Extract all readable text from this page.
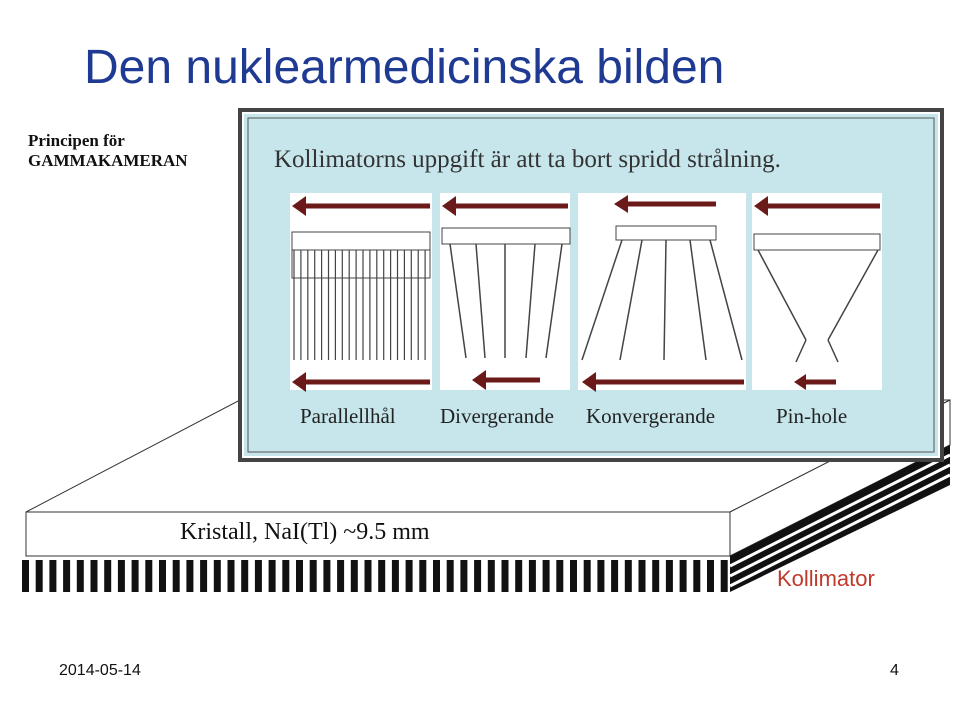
Den nuklearmedicinska bilden
Principen för
GAMMAKAMERAN	Kollimatorns uppgift är att ta bort spridd strålning.
Parallellhål Divergerande Konvergerande	Pin-hole
Kristall, NaI(Tl) ~9.5 mm
Kollimator
2014-05-14	4
